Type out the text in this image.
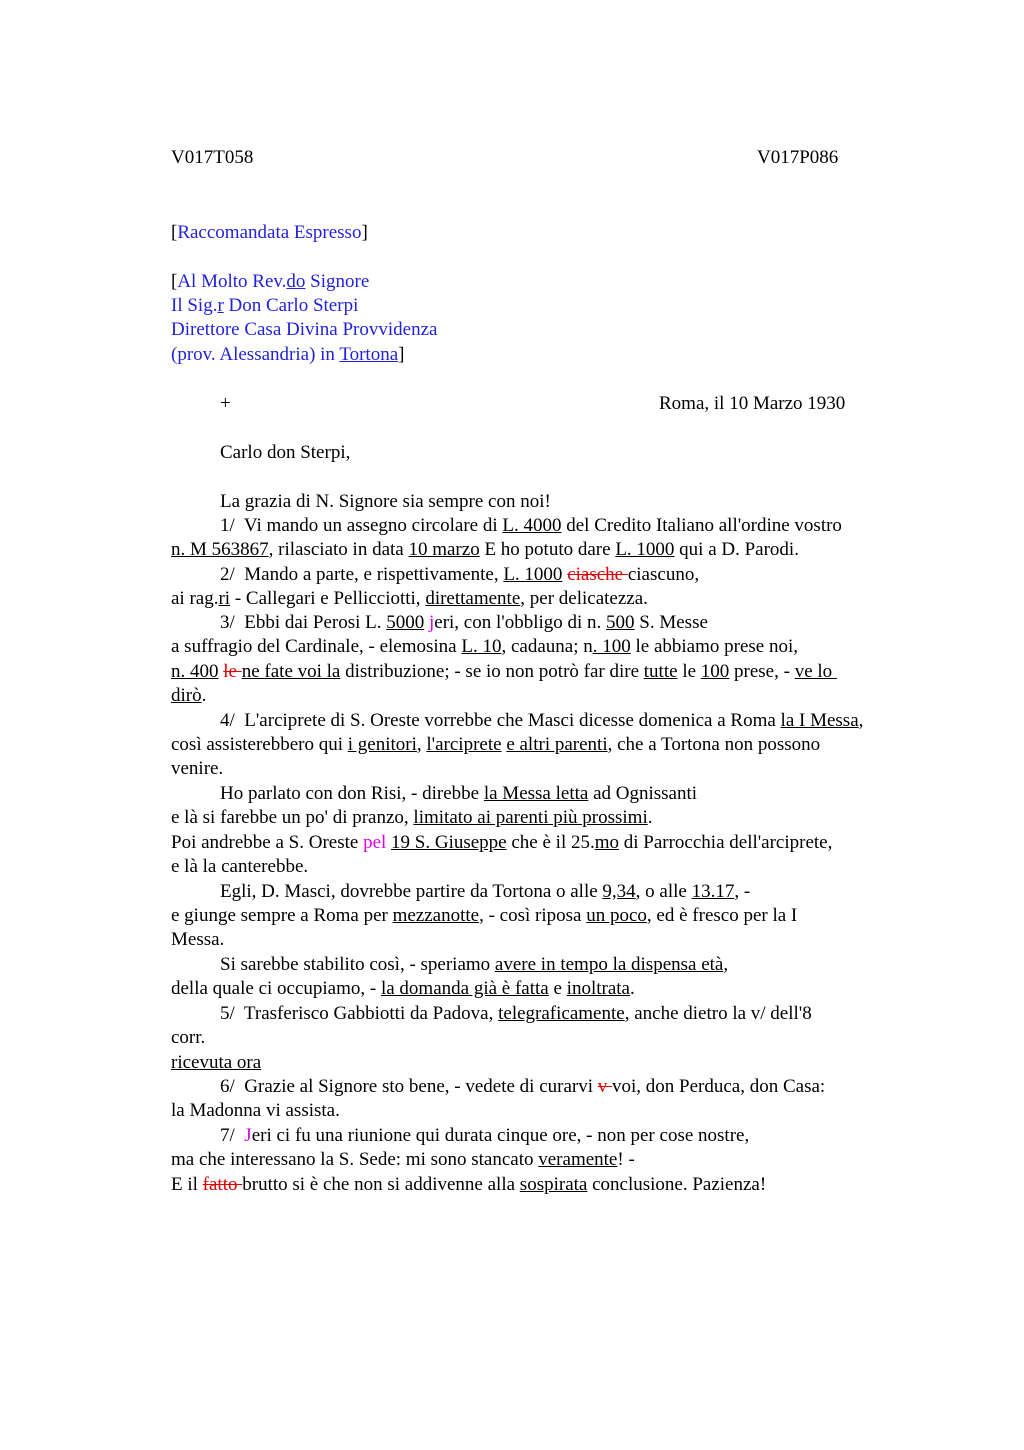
V017T058	V017P086
[Raccomandata Espresso]
[Al Molto Rev.do Signore
Il Sig.r Don Carlo Sterpi
Direttore Casa Divina Provvidenza
(prov. Alessandria) in Tortona]
+	Roma, il 10 Marzo 1930
Carlo don Sterpi,
La grazia di N. Signore sia sempre con noi!
1/  Vi mando un assegno circolare di L. 4000 del Credito Italiano all'ordine vostro
n. M 563867, rilasciato in data 10 marzo E ho potuto dare L. 1000 qui a D. Parodi.
2/  Mando a parte, e rispettivamente, L. 1000 ciasche ciascuno,
ai rag.ri - Callegari e Pellicciotti, direttamente, per delicatezza.
3/  Ebbi dai Perosi L. 5000 jeri, con l'obbligo di n. 500 S. Messe
a suffragio del Cardinale, - elemosina L. 10, cadauna; n. 100 le abbiamo prese noi,
n. 400 le ne fate voi la distribuzione; - se io non potrò far dire tutte le 100 prese, - ve lo
dirò.
4/  L'arciprete di S. Oreste vorrebbe che Masci dicesse domenica a Roma la I Messa,
così assisterebbero qui i genitori, l'arciprete e altri parenti, che a Tortona non possono
venire.
Ho parlato con don Risi, - direbbe la Messa letta ad Ognissanti
e là si farebbe un po' di pranzo, limitato ai parenti più prossimi.
Poi andrebbe a S. Oreste pel 19 S. Giuseppe che è il 25.mo di Parrocchia dell'arciprete,
e là la canterebbe.
Egli, D. Masci, dovrebbe partire da Tortona o alle 9,34, o alle 13.17, -
e giunge sempre a Roma per mezzanotte, - così riposa un poco, ed è fresco per la I
Messa.
Si sarebbe stabilito così, - speriamo avere in tempo la dispensa età,
della quale ci occupiamo, - la domanda già è fatta e inoltrata.
5/  Trasferisco Gabbiotti da Padova, telegraficamente, anche dietro la v/ dell'8
corr.
ricevuta ora
6/  Grazie al Signore sto bene, - vedete di curarvi v voi, don Perduca, don Casa:
la Madonna vi assista.
7/  Jeri ci fu una riunione qui durata cinque ore, - non per cose nostre,
ma che interessano la S. Sede: mi sono stancato veramente! -
E il fatto brutto si è che non si addivenne alla sospirata conclusione. Pazienza!
